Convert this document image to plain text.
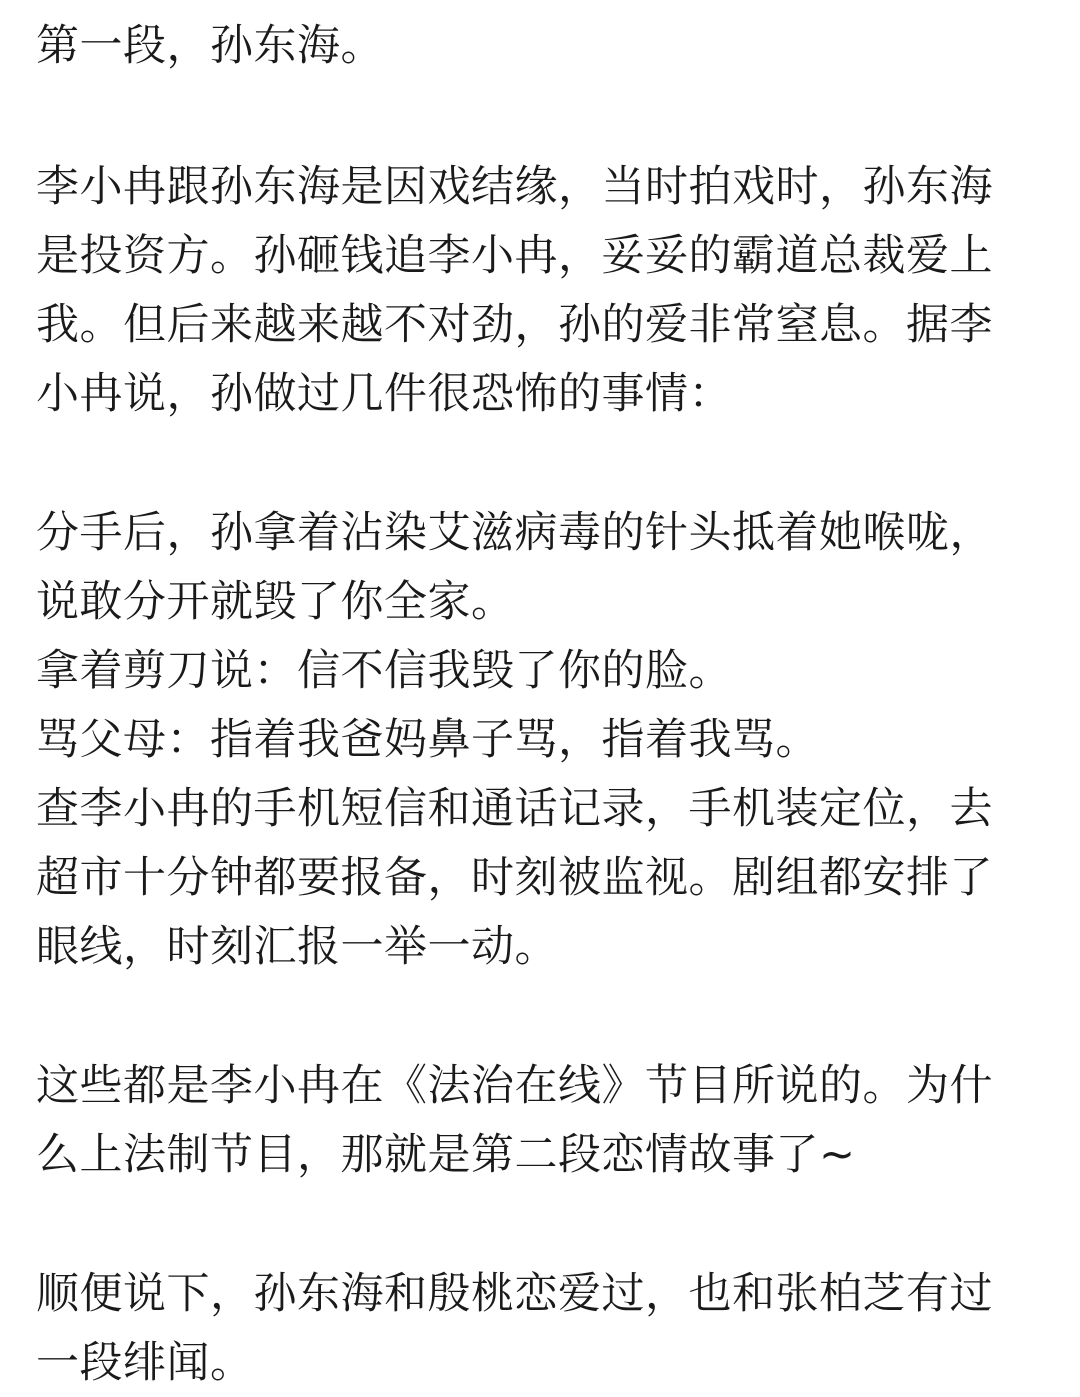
第一段，孙东海。
李小冉跟孙东海是因戏结缘，当时拍戏时，孙东海
是投资方。孙砸钱追李小冉，妥妥的霸道总裁爱上
我。但后来越来越不对劲，孙的爱非常窒息。据李
小冉说，孙做过几件很恐怖的事情：
分手后，孙拿着沾染艾滋病毒的针头抵着她喉咙，
说敢分开就毁了你全家。
拿着剪刀说：信不信我毁了你的脸。
骂父母：指着我爸妈鼻子骂，指着我骂。
查李小冉的手机短信和通话记录，手机装定位，去
超市十分钟都要报备，时刻被监视。剧组都安排了
眼线，时刻汇报一举一动。
这些都是李小冉在《法治在线》节目所说的。为什
么上法制节目，那就是第二段恋情故事了~
顺便说下，孙东海和殷桃恋爱过，也和张柏芝有过
一段绯闻。
